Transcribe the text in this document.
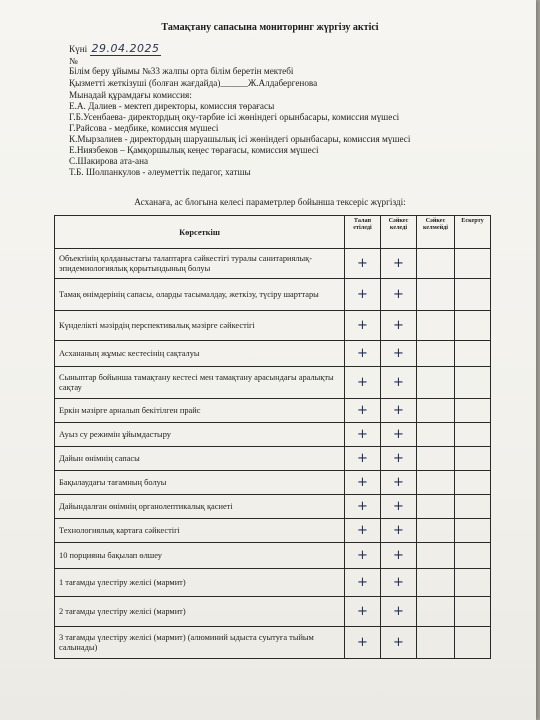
Тамақтану сапасына мониторинг жүргізу актісі
Күні 29.04.2025
№
Білім беру ұйымы №33 жалпы орта білім беретін мектебі
Қызметті жеткізуші (болған жағдайда)______Ж.Алдабергенова
Мынадай құрамдағы комиссия:
Е.А. Далиев - мектеп директоры, комиссия төрағасы
Г.Б.Усенбаева- директордың оқу-тәрбие ісі жөніндегі орынбасары, комиссия мүшесі
Г.Райсова - медбике, комиссия мүшесі
К.Мырзалиев - директордың шаруашылық ісі жөніндегі орынбасары, комиссия мүшесі
Е.Ниязбеков – Қамқоршылық кеңес төрағасы, комиссия мүшесі
С.Шакирова ата-ана
Т.Б. Шолпанкулов - әлеуметтік педагог, хатшы
Асханаға, ас блогына келесі параметрлер бойынша тексеріс жүргізді:
Көрсеткіш	Талап етіледі	Сәйкес келеді	Сәйкес келмейді	Ескерту
Объектінің қолданыстағы талаптарға сәйкестігі туралы санитариялық-эпидемиологиялық қорытындының болуы	+	+		
Тамақ өнімдерінің сапасы, оларды тасымалдау, жеткізу, түсіру шарттары	+	+		
Күнделікті мәзірдің перспективалық мәзірге сәйкестігі	+	+		
Асхананың жұмыс кестесінің сақталуы	+	+		
Сыныптар бойынша тамақтану кестесі мен тамақтану арасындағы аралықты сақтау	+	+		
Еркін мәзірге арналып бекітілген прайс	+	+		
Ауыз су режимін ұйымдастыру	+	+		
Дайын өнімнің сапасы	+	+		
Бақылаудағы тағамның болуы	+	+		
Дайындалған өнімнің органолептикалық қасиеті	+	+		
Технологиялық картаға сәйкестігі	+	+		
10 порцияны бақылап өлшеу	+	+		
1 тағамды үлестіру желісі (мармит)	+	+		
2 тағамды үлестіру желісі (мармит)	+	+		
3 тағамды үлестіру желісі (мармит) (алюминий ыдыста суытуға тыйым салынады)	+	+		
